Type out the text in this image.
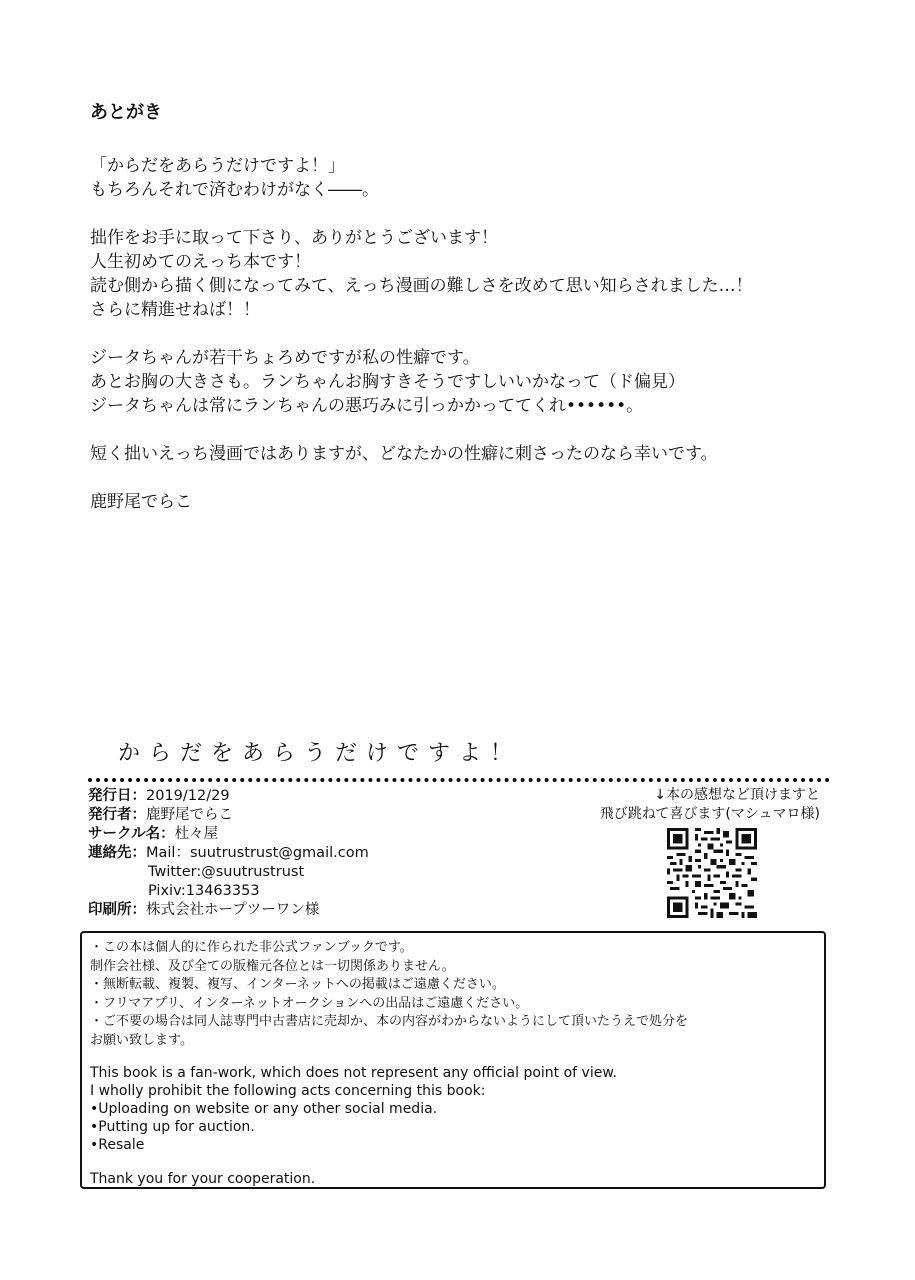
あとがき
「からだをあらうだけですよ！」
もちろんそれで済むわけがなく――。
拙作をお手に取って下さり、ありがとうございます！
人生初めてのえっち本です！
読む側から描く側になってみて、えっち漫画の難しさを改めて思い知らされました…！
さらに精進せねば！！
ジータちゃんが若干ちょろめですが私の性癖です。
あとお胸の大きさも。ランちゃんお胸すきそうですしいいかなって（ド偏見）
ジータちゃんは常にランちゃんの悪巧みに引っかかっててくれ••••••。
短く拙いえっち漫画ではありますが、どなたかの性癖に刺さったのなら幸いです。
鹿野尾でらこ
からだをあらうだけですよ！
発行日 ： 2019/12/29
発行者 ： 鹿野尾でらこ
サークル名 ： 杜々屋
連絡先 ： Mail：suutrustrust@gmail.com
Twitter:@suutrustrust
Pixiv:13463353
印刷所 ： 株式会社ホープツーワン様
↓本の感想など頂けますと
飛び跳ねて喜びます(マシュマロ様)
・この本は個人的に作られた非公式ファンブックです。
制作会社様、及び全ての版権元各位とは一切関係ありません。
・無断転載、複製、複写、インターネットへの掲載はご遠慮ください。
・フリマアプリ、インターネットオークションへの出品はご遠慮ください。
・ご不要の場合は同人誌専門中古書店に売却か、本の内容がわからないようにして頂いたうえで処分を
お願い致します。
This book is a fan-work, which does not represent any official point of view.
I wholly prohibit the following acts concerning this book:
•Uploading on website or any other social media.
•Putting up for auction.
•Resale
Thank you for your cooperation.
